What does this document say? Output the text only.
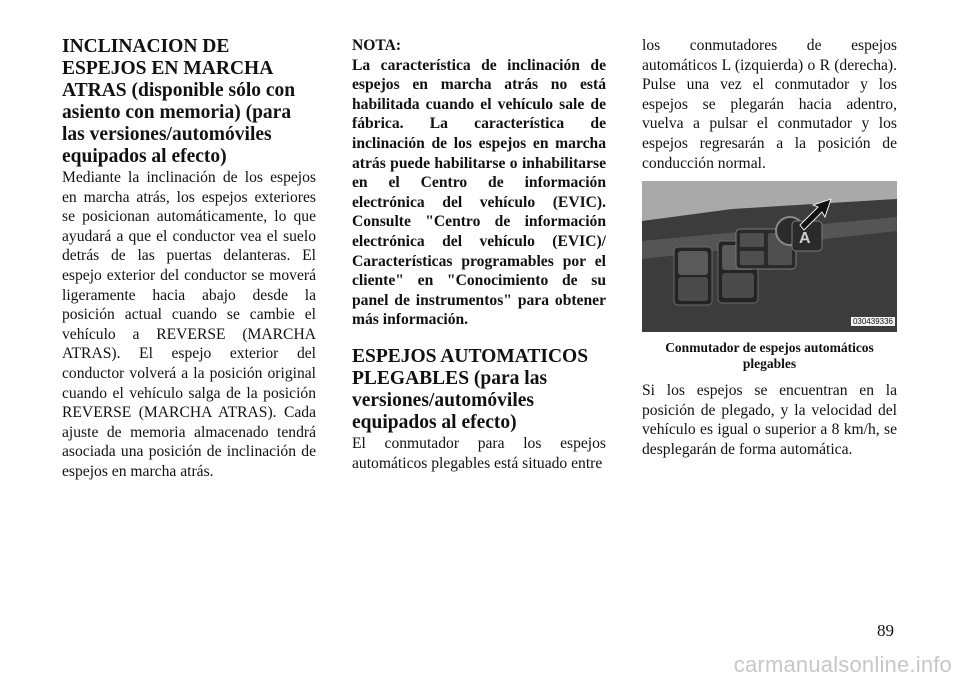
INCLINACION DE ESPEJOS EN MARCHA ATRAS (disponible sólo con asiento con memoria) (para las versiones/automóviles equipados al efecto)

Mediante la inclinación de los espejos en marcha atrás, los espejos exteriores se posicionan automáticamente, lo que ayudará a que el conductor vea el suelo detrás de las puertas delanteras. El espejo exterior del conductor se moverá ligeramente hacia abajo desde la posición actual cuando se cambie el vehículo a REVERSE (MARCHA ATRAS). El espejo exterior del conductor volverá a la posición original cuando el vehículo salga de la posición REVERSE (MARCHA ATRAS). Cada ajuste de memoria almacenado tendrá asociada una posición de inclinación de espejos en marcha atrás.

NOTA:
La característica de inclinación de espejos en marcha atrás no está habilitada cuando el vehículo sale de fábrica. La característica de inclinación de los espejos en marcha atrás puede habilitarse o inhabilitarse en el Centro de información electrónica del vehículo (EVIC). Consulte "Centro de información electrónica del vehículo (EVIC)/ Características programables por el cliente" en "Conocimiento de su panel de instrumentos" para obtener más información.
ESPEJOS AUTOMATICOS PLEGABLES (para las versiones/automóviles equipados al efecto)

El conmutador para los espejos automáticos plegables está situado entre

los conmutadores de espejos automáticos L (izquierda) o R (derecha). Pulse una vez el conmutador y los espejos se plegarán hacia adentro, vuelva a pulsar el conmutador y los espejos regresarán a la posición de conducción normal.

A
030439336
Conmutador de espejos automáticos plegables

Si los espejos se encuentran en la posición de plegado, y la velocidad del vehículo es igual o superior a 8 km/h, se desplegarán de forma automática.

89
carmanualsonline.info
